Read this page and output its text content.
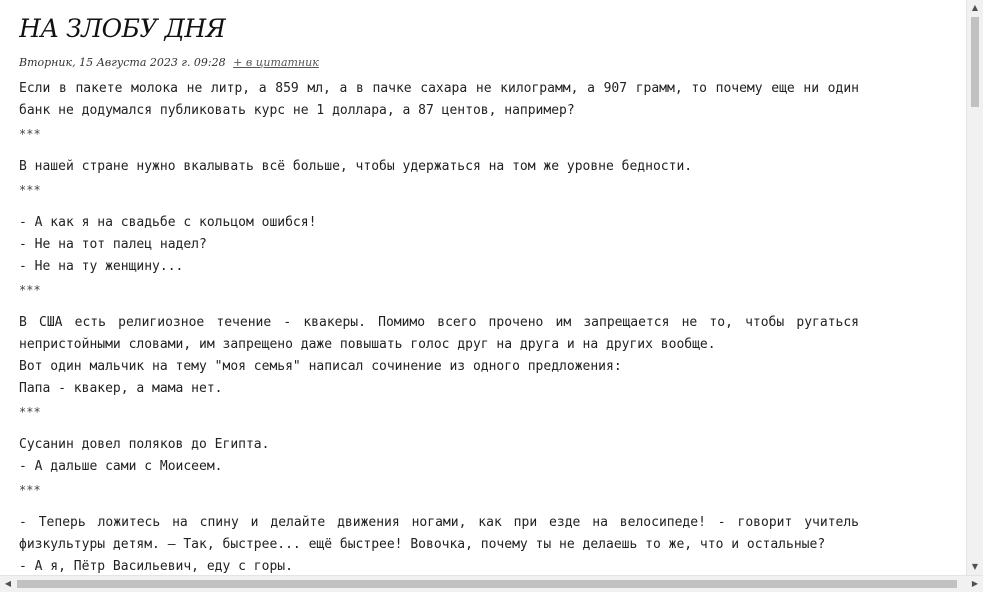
НА ЗЛОБУ ДНЯ
Вторник, 15 Августа 2023 г. 09:28 + в цитатник

Если в пакете молока не литр, а 859 мл, а в пачке сахара не килограмм, а 907 грамм, то почему еще ни один банк не додумался публиковать курс не 1 доллара, а 87 центов, например?

***

В нашей стране нужно вкалывать всё больше, чтобы удержаться на том же уровне бедности.

***

- А как я на свадьбе с кольцом ошибся!

- Не на тот палец надел?

- Не на ту женщину...

***

В США есть религиозное течение - квакеры. Помимо всего прочено им запрещается не то, чтобы ругаться непристойными словами, им запрещено даже повышать голос друг на друга и на других вообще.

Вот один мальчик на тему "моя семья" написал сочинение из одного предложения:

Папа - квакер, а мама нет.

***

Сусанин довел поляков до Египта.

- А дальше сами с Моисеем.

***

- Теперь ложитесь на спину и делайте движения ногами, как при езде на велосипеде! - говорит учитель физкультуры детям. — Так, быстрее... ещё быстрее! Вовочка, почему ты не делаешь то же, что и остальные?

- А я, Пётр Васильевич, еду с горы.

▲
▼
◀	▶
